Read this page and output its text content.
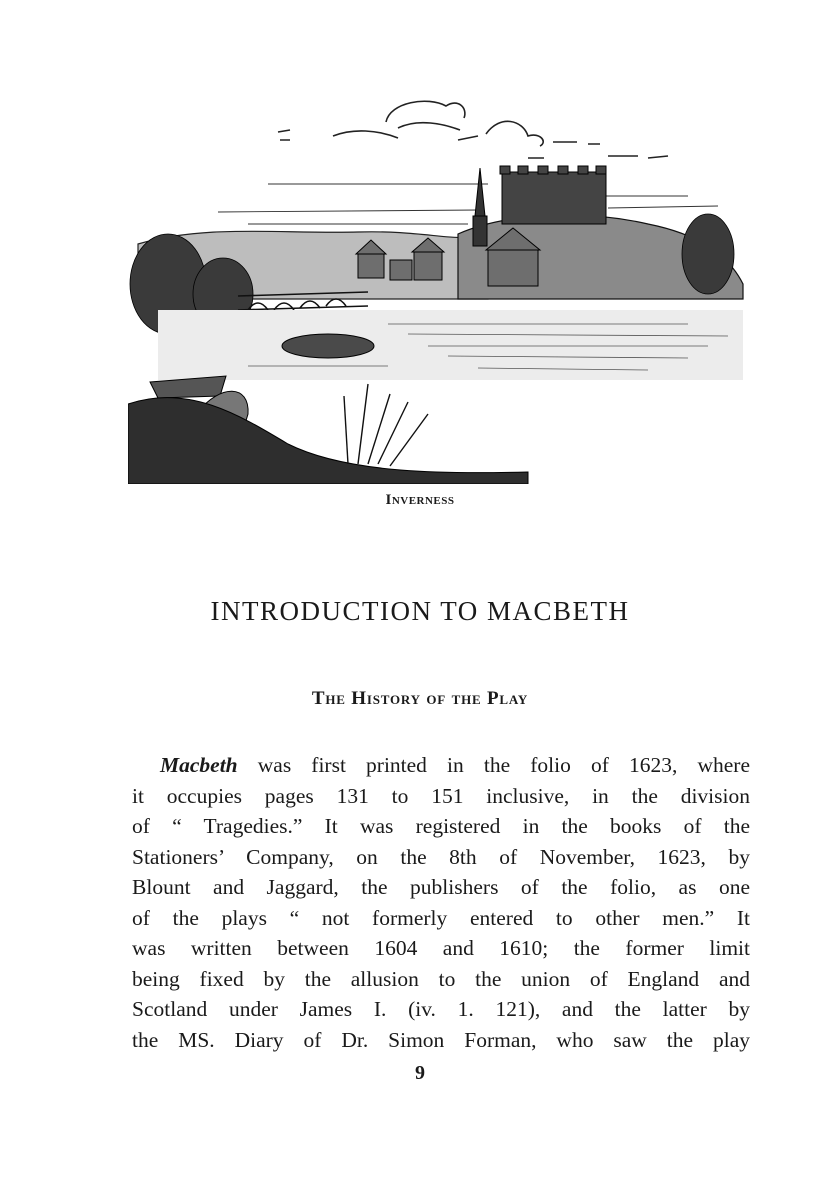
Inverness
INTRODUCTION TO MACBETH
The History of the Play
Macbeth was first printed in the folio of 1623, where
it occupies pages 131 to 151 inclusive, in the division
of “ Tragedies.” It was registered in the books of the
Stationers’ Company, on the 8th of November, 1623, by
Blount and Jaggard, the publishers of the folio, as one
of the plays “ not formerly entered to other men.” It
was written between 1604 and 1610; the former limit
being fixed by the allusion to the union of England and
Scotland under James I. (iv. 1. 121), and the latter by
the MS. Diary of Dr. Simon Forman, who saw the play
9
